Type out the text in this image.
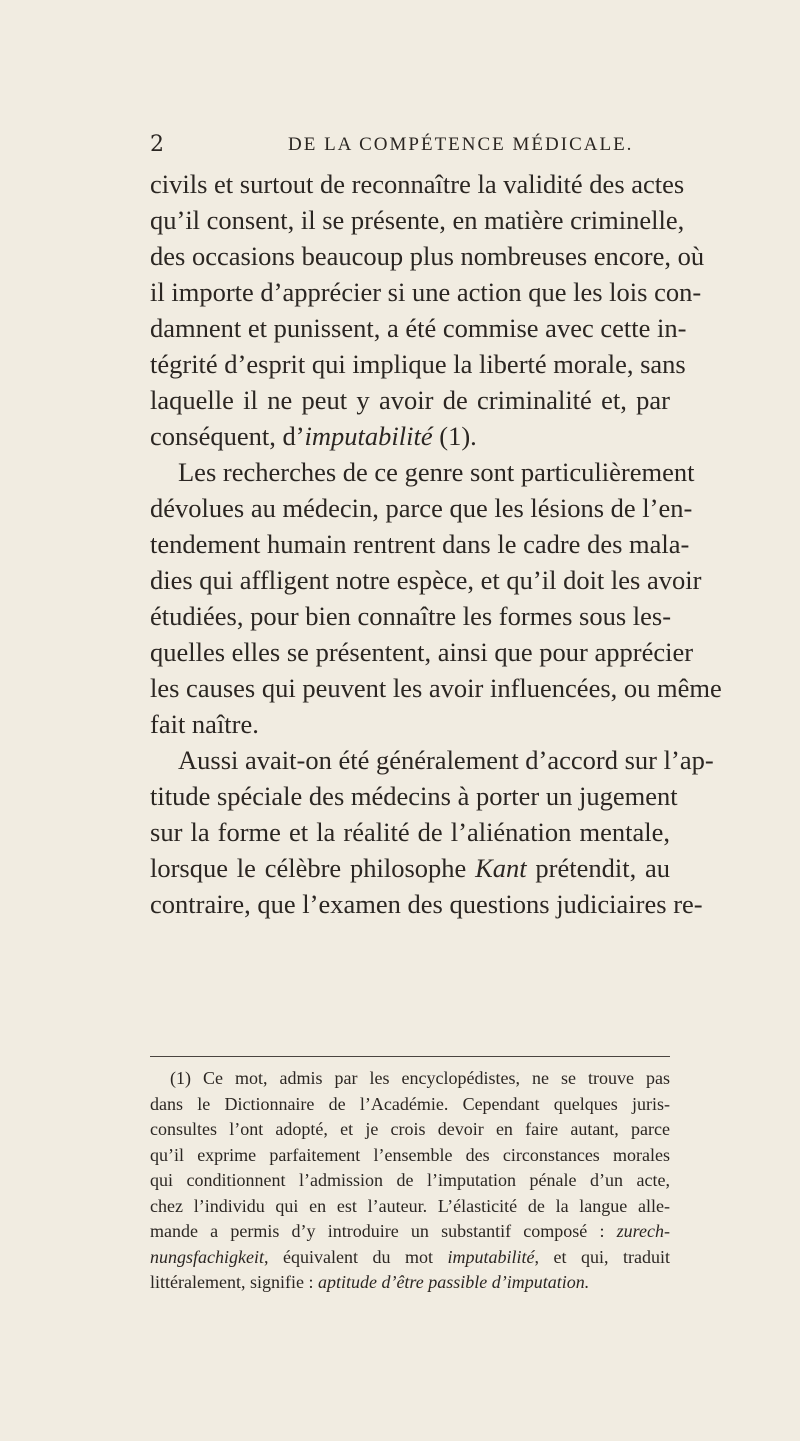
2	DE LA COMPÉTENCE MÉDICALE.
civils et surtout de reconnaître la validité des actes
qu’il consent, il se présente, en matière criminelle,
des occasions beaucoup plus nombreuses encore, où
il importe d’apprécier si une action que les lois con-
damnent et punissent, a été commise avec cette in-
tégrité d’esprit qui implique la liberté morale, sans
laquelle il ne peut y avoir de criminalité et, par
conséquent, d’imputabilité (1).
Les recherches de ce genre sont particulièrement
dévolues au médecin, parce que les lésions de l’en-
tendement humain rentrent dans le cadre des mala-
dies qui affligent notre espèce, et qu’il doit les avoir
étudiées, pour bien connaître les formes sous les-
quelles elles se présentent, ainsi que pour apprécier
les causes qui peuvent les avoir influencées, ou même
fait naître.
Aussi avait-on été généralement d’accord sur l’ap-
titude spéciale des médecins à porter un jugement
sur la forme et la réalité de l’aliénation mentale,
lorsque le célèbre philosophe Kant prétendit, au
contraire, que l’examen des questions judiciaires re-
(1) Ce mot, admis par les encyclopédistes, ne se trouve pas
dans le Dictionnaire de l’Académie. Cependant quelques juris-
consultes l’ont adopté, et je crois devoir en faire autant, parce
qu’il exprime parfaitement l’ensemble des circonstances morales
qui conditionnent l’admission de l’imputation pénale d’un acte,
chez l’individu qui en est l’auteur. L’élasticité de la langue alle-
mande a permis d’y introduire un substantif composé : zurech-
nungsfachigkeit, équivalent du mot imputabilité, et qui, traduit
littéralement, signifie : aptitude d’être passible d’imputation.
